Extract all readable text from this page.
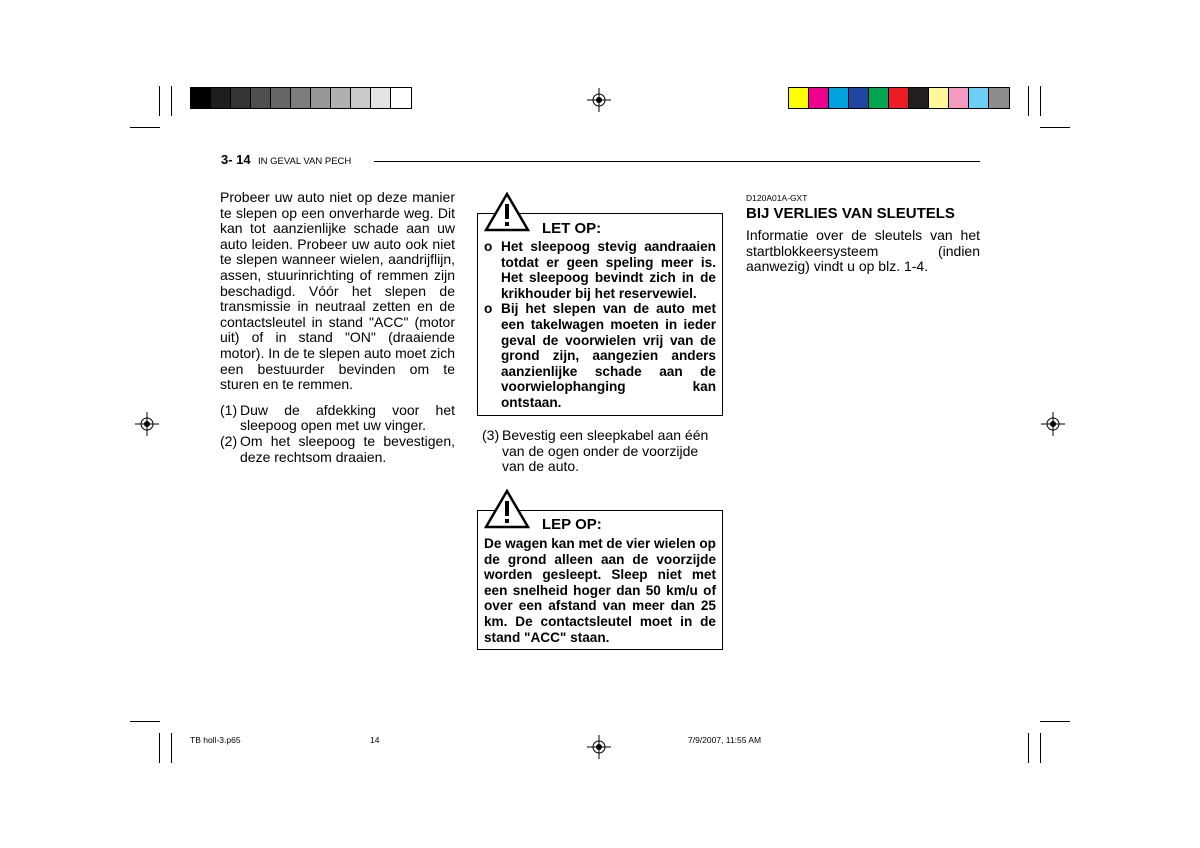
3- 14 IN GEVAL VAN PECH

Probeer uw auto niet op deze manier te slepen op een onverharde weg. Dit kan tot aanzienlijke schade aan uw auto leiden. Probeer uw auto ook niet te slepen wanneer wielen, aandrijflijn, assen, stuurinrichting of remmen zijn beschadigd. Vóór het slepen de transmissie in neutraal zetten en de contactsleutel in stand "ACC" (motor uit) of in stand "ON" (draaiende motor). In de te slepen auto moet zich een bestuurder bevinden om te sturen en te remmen.

(1) Duw de afdekking voor het sleepoog open met uw vinger.
(2) Om het sleepoog te bevestigen, deze rechtsom draaien.
LET OP:
o Het sleepoog stevig aandraaien totdat er geen speling meer is. Het sleepoog bevindt zich in de krikhouder bij het reservewiel.
o Bij het slepen van de auto met een takelwagen moeten in ieder geval de voorwielen vrij van de grond zijn, aangezien anders aanzienlijke schade aan de voorwielophanging kan ontstaan.
(3) Bevestig een sleepkabel aan één van de ogen onder de voorzijde van de auto.
LEP OP:

De wagen kan met de vier wielen op de grond alleen aan de voorzijde worden gesleept. Sleep niet met een snelheid hoger dan 50 km/u of over een afstand van meer dan 25 km. De contactsleutel moet in de stand "ACC" staan.

D120A01A-GXT
BIJ VERLIES VAN SLEUTELS

Informatie over de sleutels van het startblokkeersysteem (indien aanwezig) vindt u op blz. 1-4.

TB holl-3.p65	14	7/9/2007, 11:55 AM
